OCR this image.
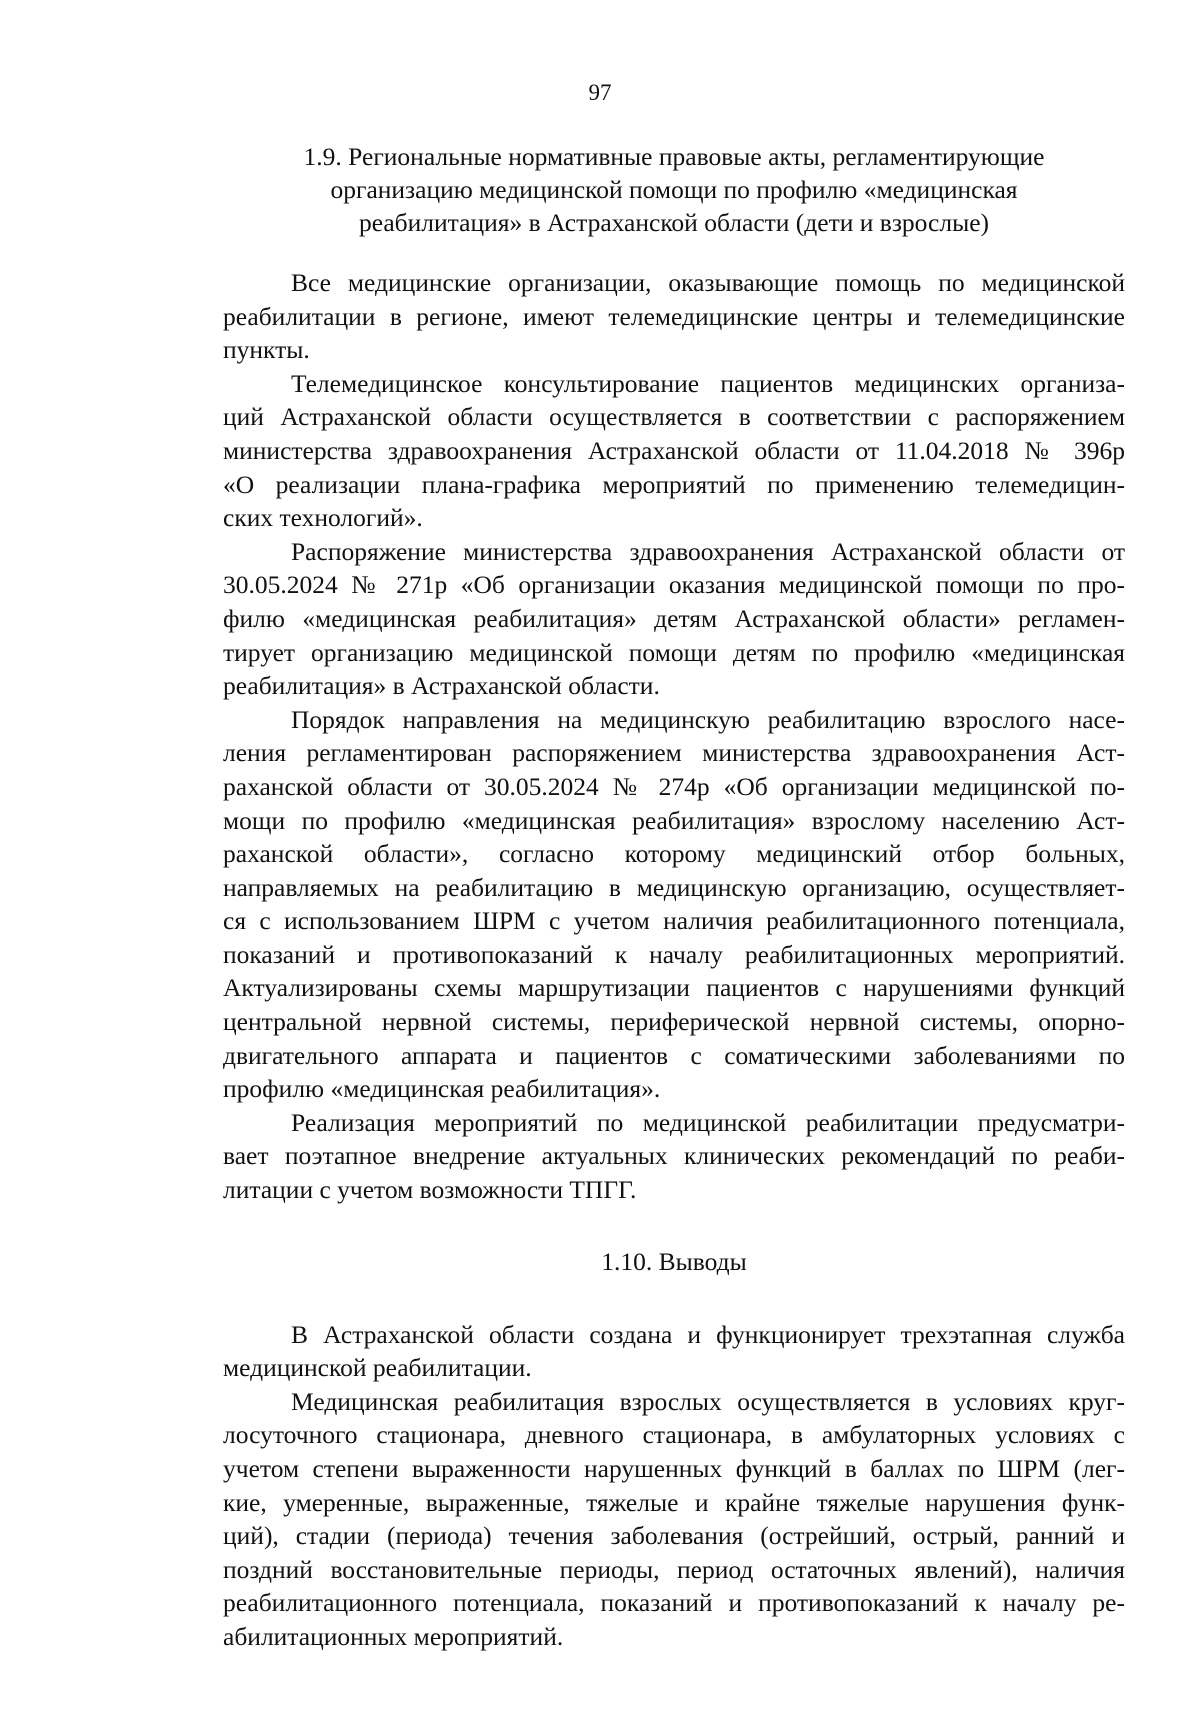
97
1.9. Региональные нормативные правовые акты, регламентирующие
организацию медицинской помощи по профилю «медицинская
реабилитация» в Астраханской области (дети и взрослые)
Все медицинские организации, оказывающие помощь по медицинской
реабилитации в регионе, имеют телемедицинские центры и телемедицинские
пункты.
Телемедицинское консультирование пациентов медицинских организа-
ций Астраханской области осуществляется в соответствии с распоряжением
министерства здравоохранения Астраханской области от 11.04.2018 № 396р
«О реализации плана-графика мероприятий по применению телемедицин-
ских технологий».
Распоряжение министерства здравоохранения Астраханской области от
30.05.2024 № 271р «Об организации оказания медицинской помощи по про-
филю «медицинская реабилитация» детям Астраханской области» регламен-
тирует организацию медицинской помощи детям по профилю «медицинская
реабилитация» в Астраханской области.
Порядок направления на медицинскую реабилитацию взрослого насе-
ления регламентирован распоряжением министерства здравоохранения Аст-
раханской области от 30.05.2024 № 274р «Об организации медицинской по-
мощи по профилю «медицинская реабилитация» взрослому населению Аст-
раханской области», согласно которому медицинский отбор больных,
направляемых на реабилитацию в медицинскую организацию, осуществляет-
ся с использованием ШРМ с учетом наличия реабилитационного потенциала,
показаний и противопоказаний к началу реабилитационных мероприятий.
Актуализированы схемы маршрутизации пациентов с нарушениями функций
центральной нервной системы, периферической нервной системы, опорно-
двигательного аппарата и пациентов с соматическими заболеваниями по
профилю «медицинская реабилитация».
Реализация мероприятий по медицинской реабилитации предусматри-
вает поэтапное внедрение актуальных клинических рекомендаций по реаби-
литации с учетом возможности ТПГГ.
1.10. Выводы
В Астраханской области создана и функционирует трехэтапная служба
медицинской реабилитации.
Медицинская реабилитация взрослых осуществляется в условиях круг-
лосуточного стационара, дневного стационара, в амбулаторных условиях с
учетом степени выраженности нарушенных функций в баллах по ШРМ (лег-
кие, умеренные, выраженные, тяжелые и крайне тяжелые нарушения функ-
ций), стадии (периода) течения заболевания (острейший, острый, ранний и
поздний восстановительные периоды, период остаточных явлений), наличия
реабилитационного потенциала, показаний и противопоказаний к началу ре-
абилитационных мероприятий.
